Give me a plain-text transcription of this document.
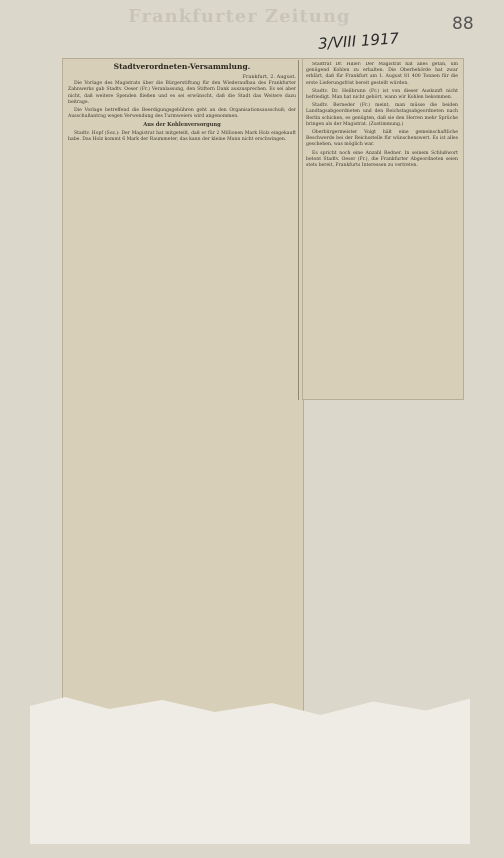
Frankfurter Zeitung
3/VIII 1917
88
Stadtverordneten-Versammlung.
Frankfurt, 2. August.

Die Vorlage des Magistrats über die Bürgerstiftung für den Wiederaufbau des Frankfurter Zahnwerks gab Stadtv. Oeser (Fr.) Veranlassung, den Stiftern Dank auszusprechen. Es sei aber nicht, daß weitere Spenden fließen und es sei erwünscht, daß die Stadt das Weitere dazu beitrage.

Die Vorlage betreffend die Beerdigungsgebühren geht an den Organisationsausschuß; der Ausschußantrag wegen Verwendung des Turmweiers wird angenommen.

Aus der Kohlenversorgung

Stadtv. Hopf (Soz.): Der Magistrat hat mitgeteilt, daß er für 2 Millionen Mark Holz eingekauft habe. Das Holz kommt 6 Mark der Raummeter, das kann der kleine Mann nicht erschwingen.

Stadtrat Dr. Hiller: Der Magistrat hat alles getan, um genügend Kohlen zu erhalten. Die Oberbehörde hat zwar erklärt, daß für Frankfurt am 1. August 81 400 Tonnen für die erste Lieferungsfrist bereit gestellt würden.

Stadtv. Dr. Heilbrunn (Fr.) ist von dieser Auskunft nicht befriedigt. Man hat nicht gehört, wann wir Kohlen bekommen.

Stadtv. Berneder (Fr.) meint, man müsse die beiden Landtagsabgeordneten und den Reichstagsabgeordneten nach Berlin schicken, es genügten, daß sie den Herren mehr Sprüche bringen als der Magistrat. (Zustimmung.)

Oberbürgermeister Voigt hält eine gemeinschaftliche Beschwerde bei der Reichsstelle für wünschenswert. Es ist alles geschehen, was möglich war.

Es spricht noch eine Anzahl Redner. In seinem Schlußwort betont Stadtv. Oeser (Fr.), die Frankfurter Abgeordneten seien stets bereit, Frankfurts Interessen zu vertreten.
